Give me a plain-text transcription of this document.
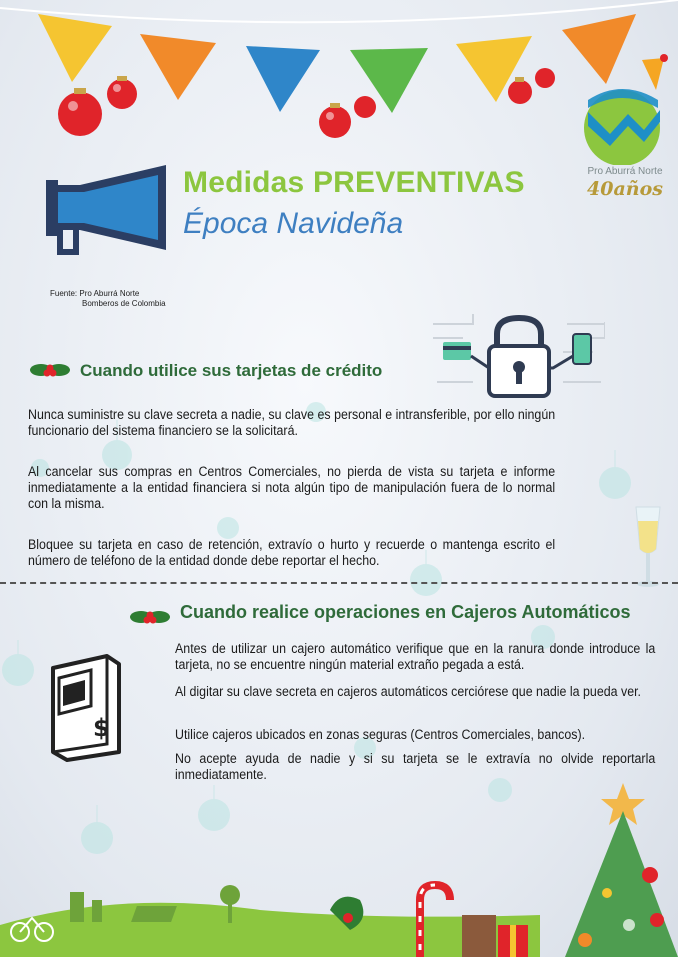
Pro Aburrá Norte
40años
Medidas PREVENTIVAS
Época Navideña
Fuente: Pro Aburrá Norte
Bomberos de Colombia
Cuando utilice sus tarjetas de crédito
Nunca suministre su clave secreta a nadie, su clave es personal e intransferible, por ello ningún funcionario del sistema financiero se la solicitará.
Al cancelar sus compras en Centros Comerciales, no pierda de vista su tarjeta e informe inmediatamente a la entidad financiera si nota algún tipo de manipulación fuera de lo normal con la misma.
Bloquee su tarjeta en caso de retención, extravío o hurto y recuerde o mantenga escrito el número de teléfono de la entidad donde debe reportar el hecho.
Cuando realice operaciones en Cajeros Automáticos
$
Antes de utilizar un cajero automático verifique que en la ranura donde introduce la tarjeta, no se encuentre ningún material extraño pegada a está.
Al digitar su clave secreta en cajeros automáticos cerciórese que nadie la pueda ver.
Utilice cajeros ubicados en zonas seguras (Centros Comerciales, bancos).
No acepte ayuda de nadie y si su tarjeta se le extravía no olvide reportarla inmediatamente.
